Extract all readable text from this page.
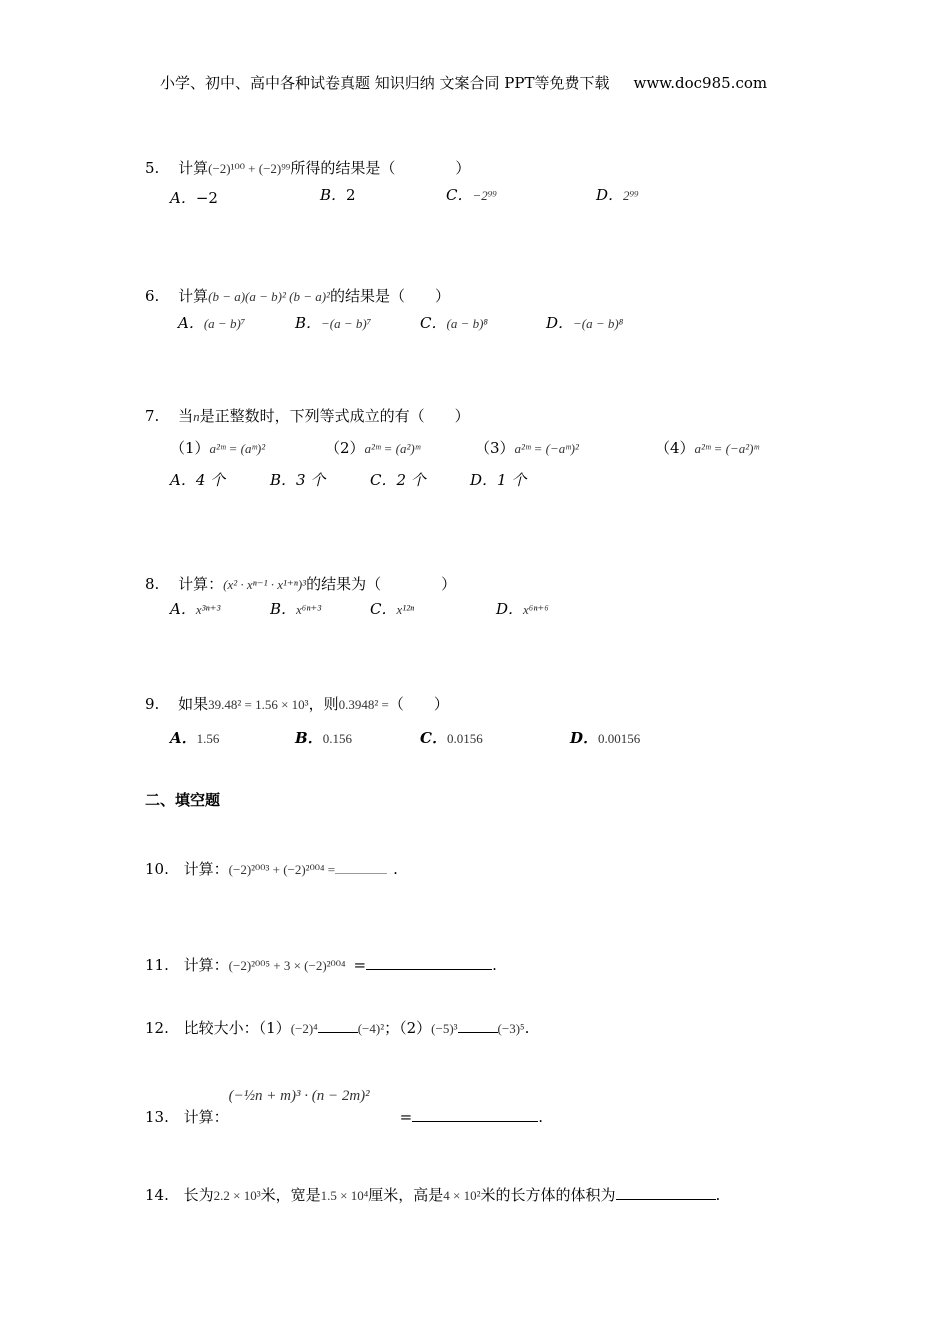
小学、初中、高中各种试卷真题 知识归纳 文案合同 PPT等免费下载 www.doc985.com
5. 计算(−2)¹⁰⁰ + (−2)⁹⁹所得的结果是（　　　　）
A．−2	B．2	C．−2⁹⁹	D．2⁹⁹
6. 计算(b − a)(a − b)² (b − a)²的结果是（　　）
A．(a − b)⁷	B．−(a − b)⁷	C．(a − b)⁸	D．−(a − b)⁸
7. 当n是正整数时，下列等式成立的有（　　）
（1）a²ᵐ = (aᵐ)²	（2）a²ᵐ = (a²)ᵐ	（3）a²ᵐ = (−aᵐ)²	（4）a²ᵐ = (−a²)ᵐ
A．4 个	B．3 个	C．2 个	D．1 个
8. 计算：(x² · xⁿ⁻¹ · x¹⁺ⁿ)³的结果为（　　　　）
A．x³ⁿ⁺³	B．x⁶ⁿ⁺³	C．x¹²ⁿ	D．x⁶ⁿ⁺⁶
9. 如果39.48² = 1.56 × 10³，则0.3948² =（　　）
A．1.56	B．0.156	C．0.0156	D．0.00156
二、填空题
10. 计算：(−2)²⁰⁰³ + (−2)²⁰⁰⁴ =	.
11. 计算：(−2)²⁰⁰⁵ + 3 × (−2)²⁰⁰⁴ =	.
12. 比较大小：（1）(−2)⁴	(−4)²；（2）(−5)³	(−3)⁵.
13. 计算：(−½n + m)³ · (n − 2m)²=	.
14. 长为2.2 × 10³米，宽是1.5 × 10⁴厘米，高是4 × 10²米的长方体的体积为	.
